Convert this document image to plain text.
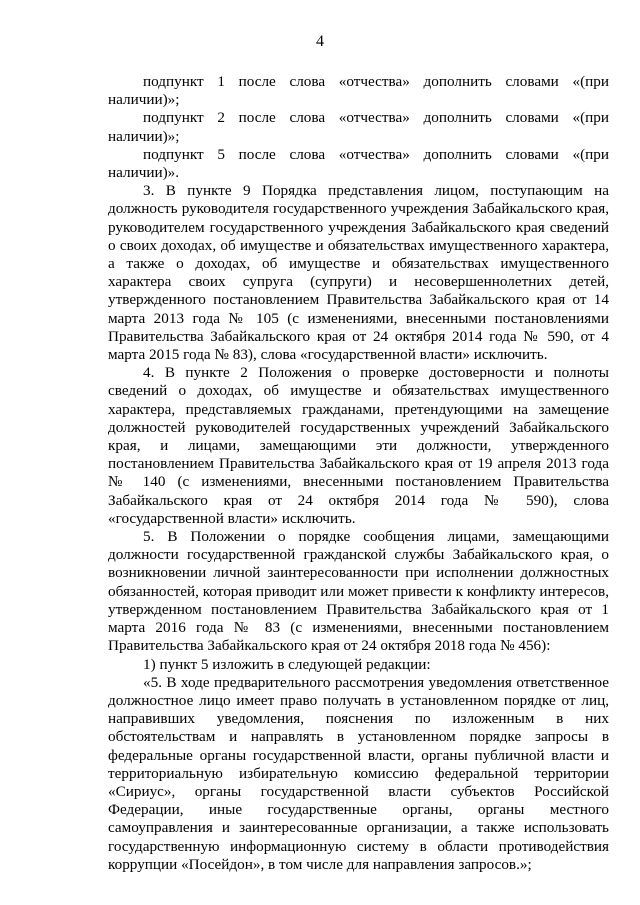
4

подпункт 1 после слова «отчества» дополнить словами «(при наличии)»;

подпункт 2 после слова «отчества» дополнить словами «(при наличии)»;

подпункт 5 после слова «отчества» дополнить словами «(при наличии)».

3. В пункте 9 Порядка представления лицом, поступающим на должность руководителя государственного учреждения Забайкальского края, руководителем государственного учреждения Забайкальского края сведений о своих доходах, об имуществе и обязательствах имущественного характера, а также о доходах, об имуществе и обязательствах имущественного характера своих супруга (супруги) и несовершеннолетних детей, утвержденного постановлением Правительства Забайкальского края от 14 марта 2013 года № 105 (с изменениями, внесенными постановлениями Правительства Забайкальского края от 24 октября 2014 года № 590, от 4 марта 2015 года № 83), слова «государственной власти» исключить.

4. В пункте 2 Положения о проверке достоверности и полноты сведений о доходах, об имуществе и обязательствах имущественного характера, представляемых гражданами, претендующими на замещение должностей руководителей государственных учреждений Забайкальского края, и лицами, замещающими эти должности, утвержденного постановлением Правительства Забайкальского края от 19 апреля 2013 года № 140 (с изменениями, внесенными постановлением Правительства Забайкальского края от 24 октября 2014 года № 590), слова «государственной власти» исключить.

5. В Положении о порядке сообщения лицами, замещающими должности государственной гражданской службы Забайкальского края, о возникновении личной заинтересованности при исполнении должностных обязанностей, которая приводит или может привести к конфликту интересов, утвержденном постановлением Правительства Забайкальского края от 1 марта 2016 года № 83 (с изменениями, внесенными постановлением Правительства Забайкальского края от 24 октября 2018 года № 456):

1) пункт 5 изложить в следующей редакции:

«5. В ходе предварительного рассмотрения уведомления ответственное должностное лицо имеет право получать в установленном порядке от лиц, направивших уведомления, пояснения по изложенным в них обстоятельствам и направлять в установленном порядке запросы в федеральные органы государственной власти, органы публичной власти и территориальную избирательную комиссию федеральной территории «Сириус», органы государственной власти субъектов Российской Федерации, иные государственные органы, органы местного самоуправления и заинтересованные организации, а также использовать государственную информационную систему в области противодействия коррупции «Посейдон», в том числе для направления запросов.»;
